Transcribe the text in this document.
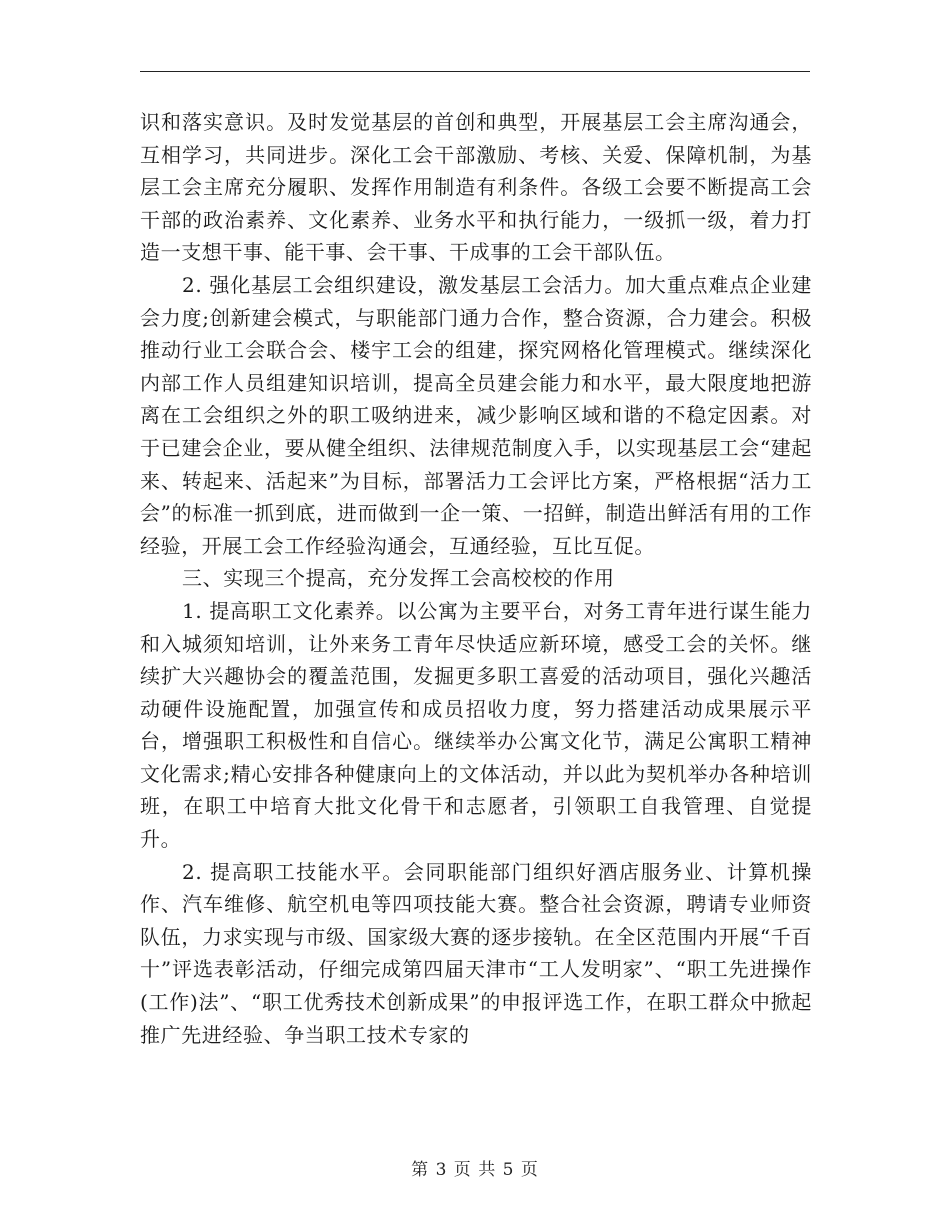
识和落实意识。及时发觉基层的首创和典型，开展基层工会主席沟通会，互相学习，共同进步。深化工会干部激励、考核、关爱、保障机制，为基层工会主席充分履职、发挥作用制造有利条件。各级工会要不断提高工会干部的政治素养、文化素养、业务水平和执行能力，一级抓一级，着力打造一支想干事、能干事、会干事、干成事的工会干部队伍。

2. 强化基层工会组织建设，激发基层工会活力。加大重点难点企业建会力度;创新建会模式，与职能部门通力合作，整合资源，合力建会。积极推动行业工会联合会、楼宇工会的组建，探究网格化管理模式。继续深化内部工作人员组建知识培训，提高全员建会能力和水平，最大限度地把游离在工会组织之外的职工吸纳进来，减少影响区域和谐的不稳定因素。对于已建会企业，要从健全组织、法律规范制度入手，以实现基层工会“建起来、转起来、活起来”为目标，部署活力工会评比方案，严格根据“活力工会”的标准一抓到底，进而做到一企一策、一招鲜，制造出鲜活有用的工作经验，开展工会工作经验沟通会，互通经验，互比互促。

三、实现三个提高，充分发挥工会高校校的作用

1. 提高职工文化素养。以公寓为主要平台，对务工青年进行谋生能力和入城须知培训，让外来务工青年尽快适应新环境，感受工会的关怀。继续扩大兴趣协会的覆盖范围，发掘更多职工喜爱的活动项目，强化兴趣活动硬件设施配置，加强宣传和成员招收力度，努力搭建活动成果展示平台，增强职工积极性和自信心。继续举办公寓文化节，满足公寓职工精神文化需求;精心安排各种健康向上的文体活动，并以此为契机举办各种培训班，在职工中培育大批文化骨干和志愿者，引领职工自我管理、自觉提升。

2. 提高职工技能水平。会同职能部门组织好酒店服务业、计算机操作、汽车维修、航空机电等四项技能大赛。整合社会资源，聘请专业师资队伍，力求实现与市级、国家级大赛的逐步接轨。在全区范围内开展“千百十”评选表彰活动，仔细完成第四届天津市“工人发明家”、“职工先进操作(工作)法”、“职工优秀技术创新成果”的申报评选工作，在职工群众中掀起推广先进经验、争当职工技术专家的

第 3 页 共 5 页
